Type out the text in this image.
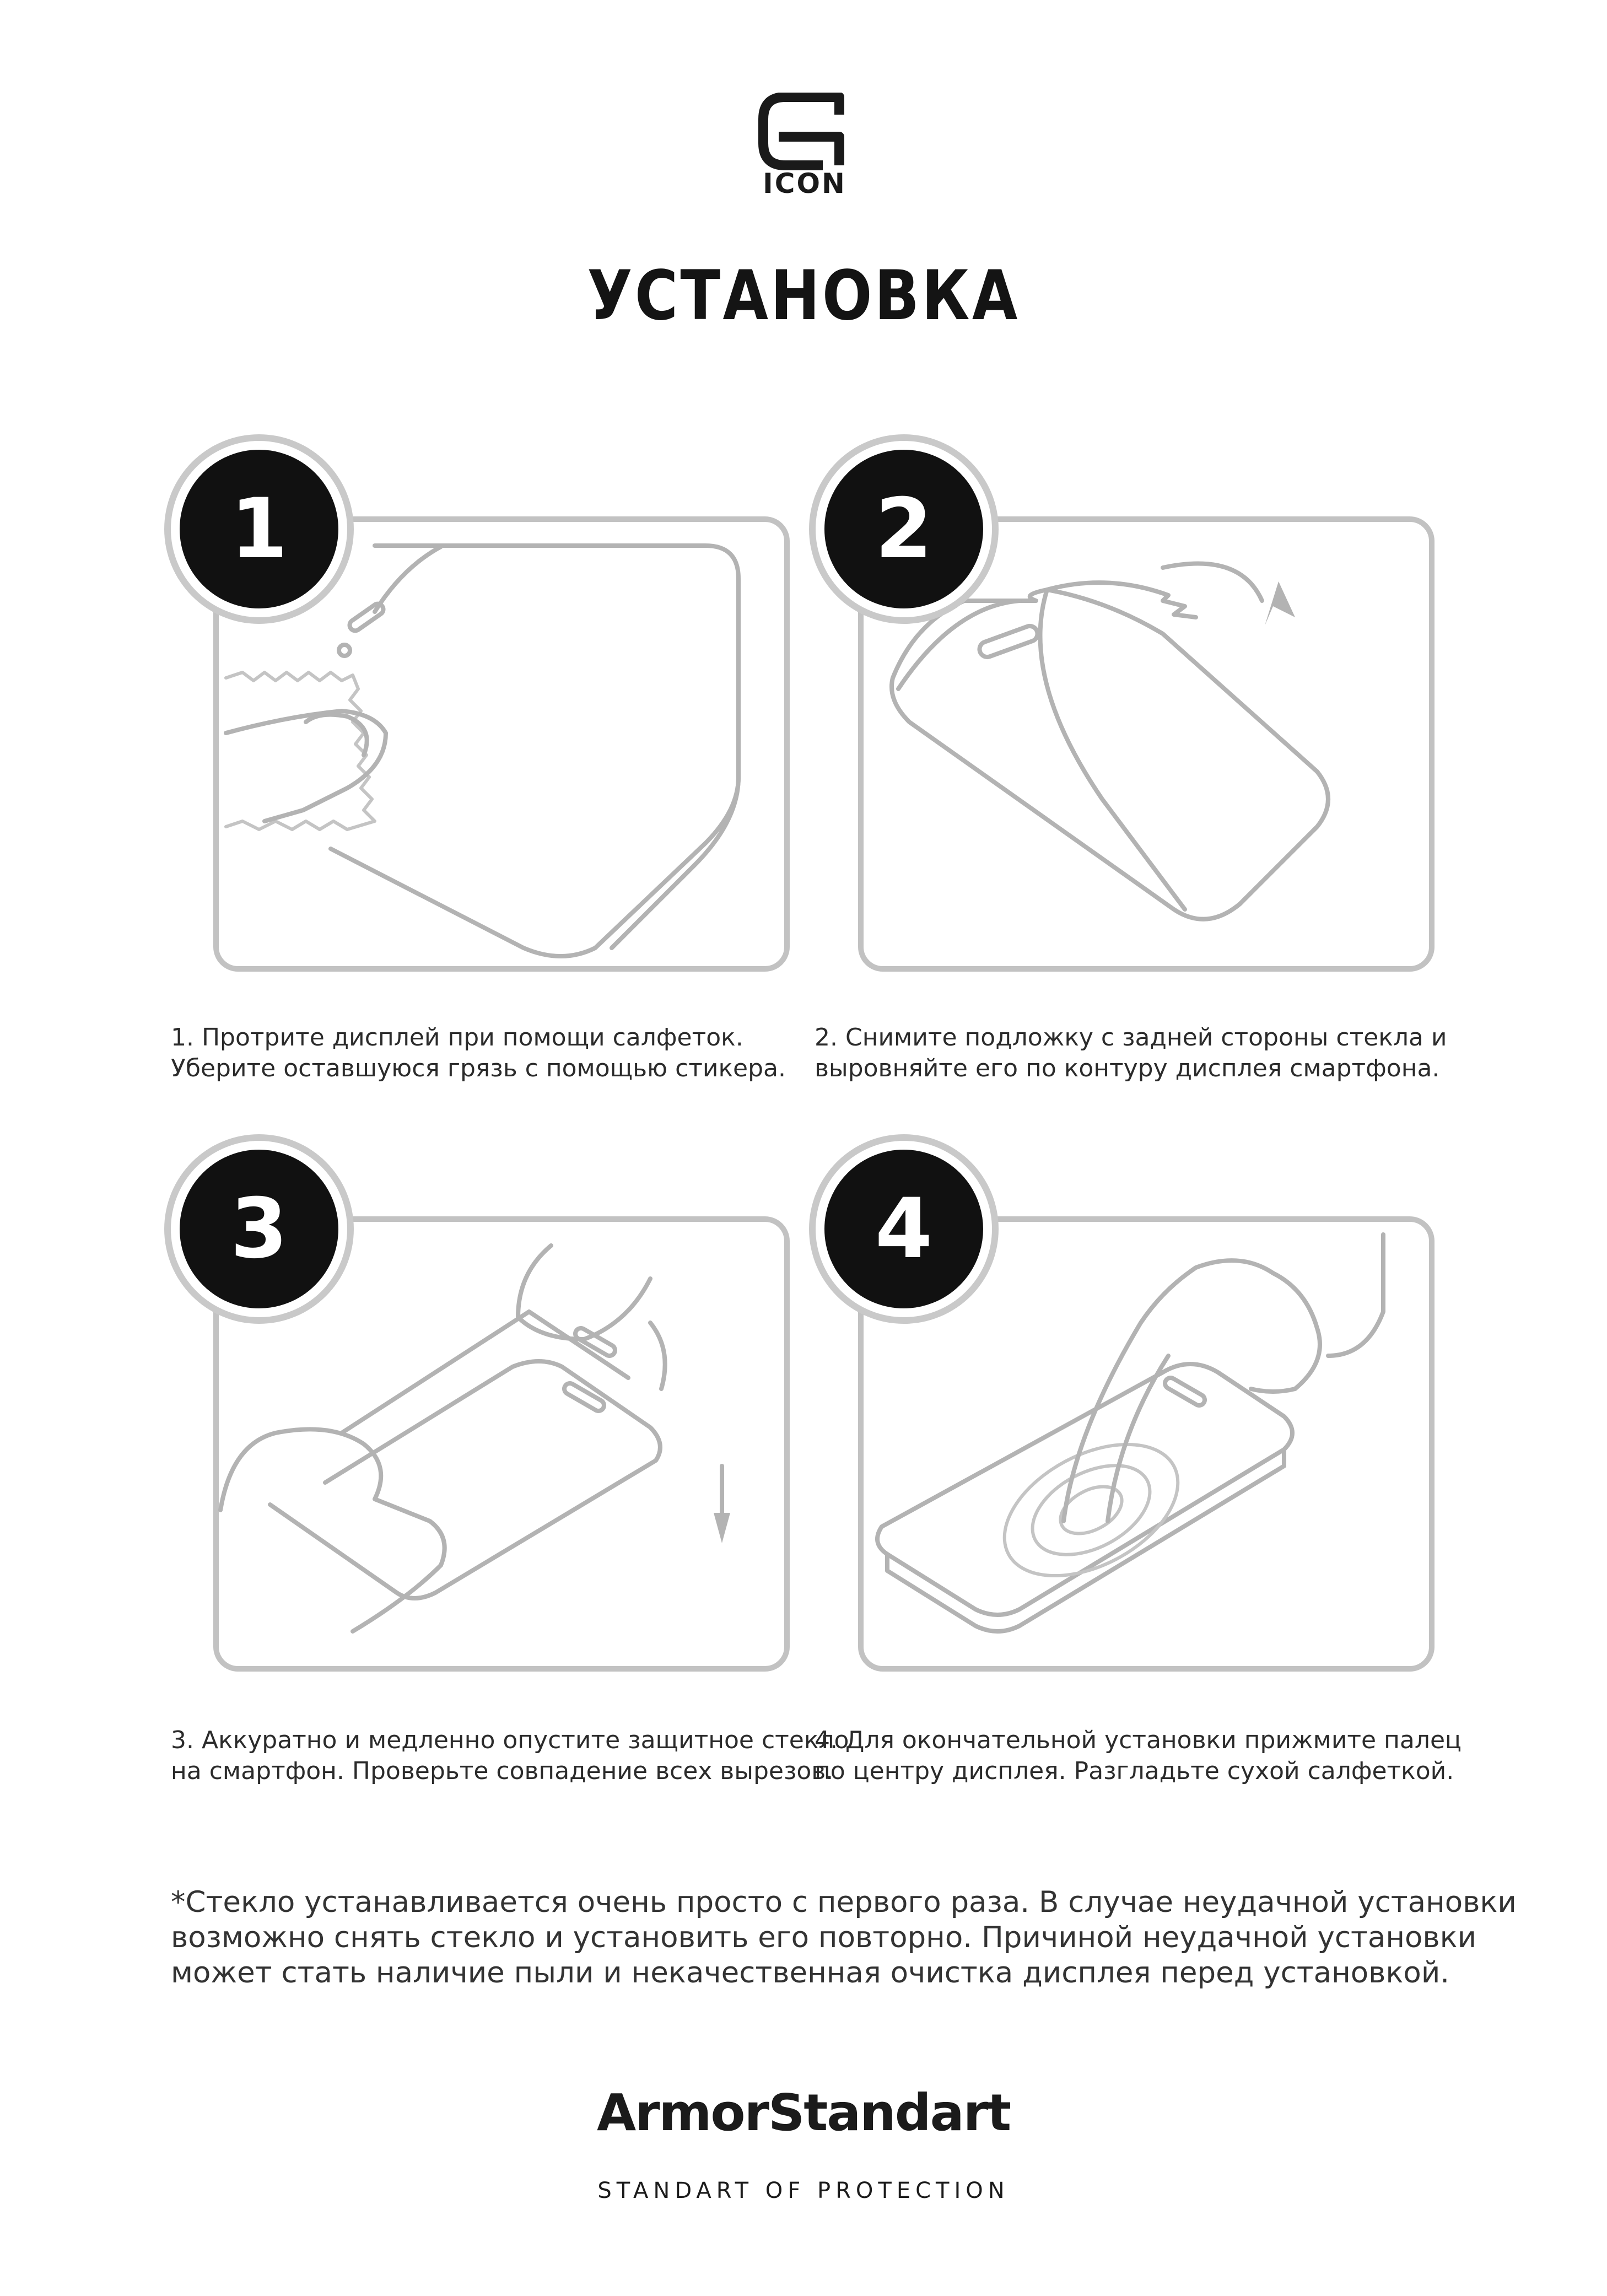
ICON
УСТАНОВКА
1	2
1. Протрите дисплей при помощи салфеток.
Уберите оставшуюся грязь с помощью стикера.
2. Снимите подложку с задней стороны стекла и
выровняйте его по контуру дисплея смартфона.
3	4
3. Аккуратно и медленно опустите защитное стекло
на смартфон. Проверьте совпадение всех вырезов.
4. Для окончательной установки прижмите палец
по центру дисплея. Разгладьте сухой салфеткой.
*Стекло устанавливается очень просто с первого раза. В случае неудачной установки
возможно снять стекло и установить его повторно. Причиной неудачной установки
может стать наличие пыли и некачественная очистка дисплея перед установкой.
ArmorStandart
STANDART OF PROTECTION
